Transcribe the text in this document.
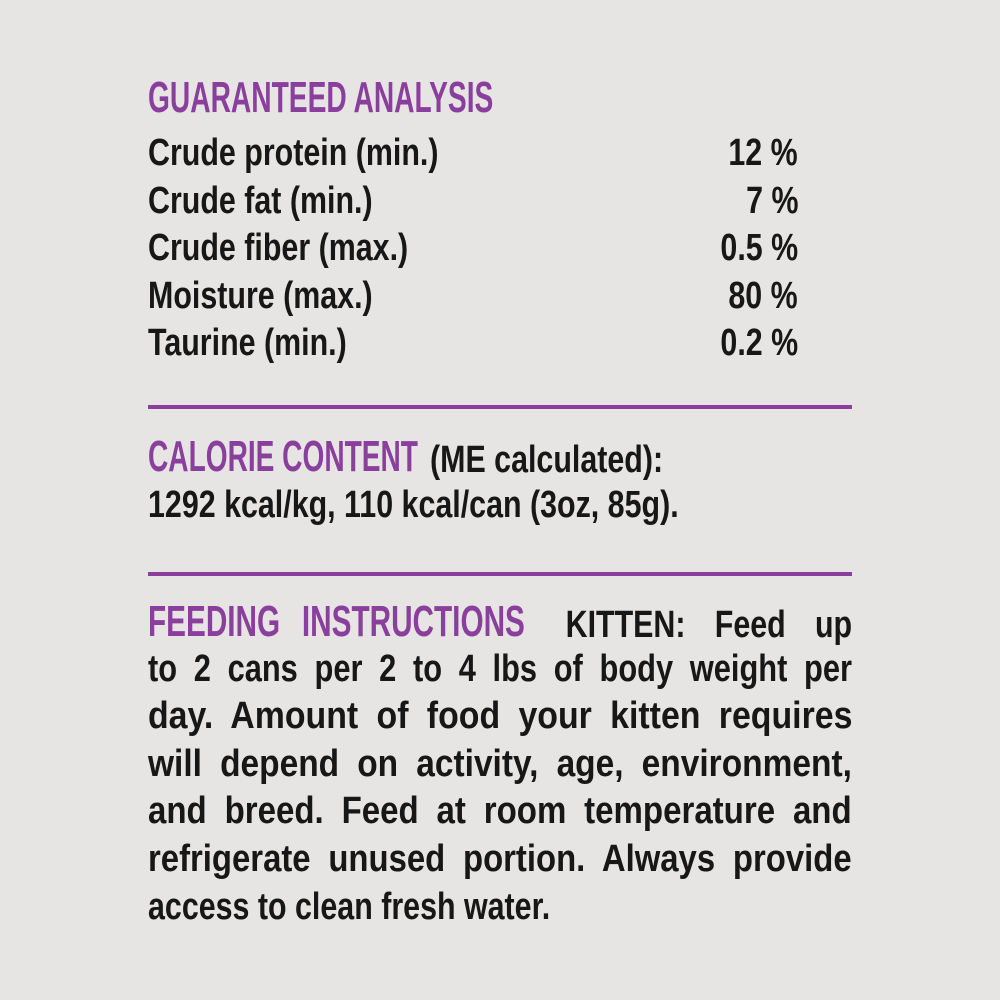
GUARANTEED ANALYSIS
Crude protein (min.)	12 %
Crude fat (min.)	7 %
Crude fiber (max.)	0.5 %
Moisture (max.)	80 %
Taurine (min.)	0.2 %
CALORIE CONTENT (ME calculated):
1292 kcal/kg, 110 kcal/can (3oz, 85g).
FEEDING INSTRUCTIONS KITTEN: Feed up
to 2 cans per 2 to 4 lbs of body weight per
day. Amount of food your kitten requires
will depend on activity, age, environment,
and breed. Feed at room temperature and
refrigerate unused portion. Always provide
access to clean fresh water.
